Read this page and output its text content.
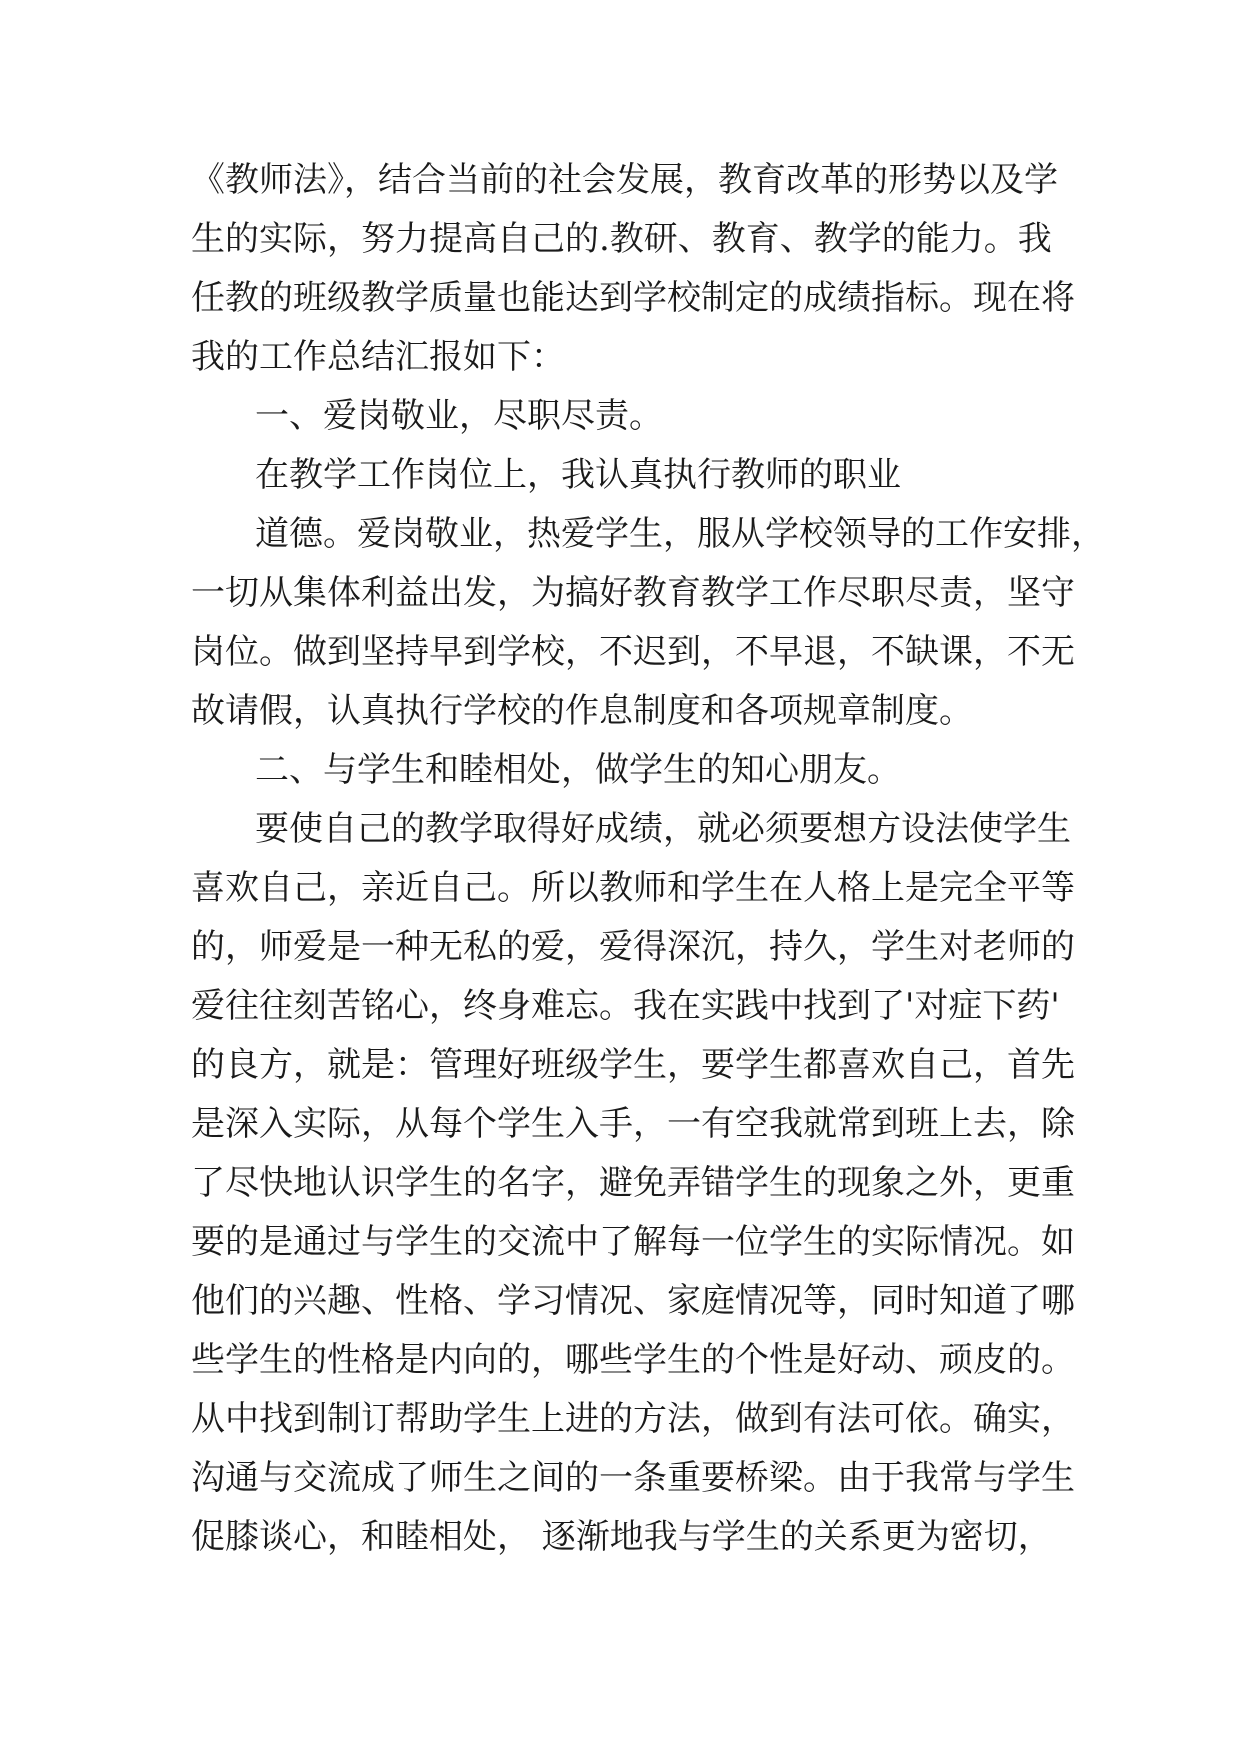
《教师法》，结合当前的社会发展，教育改革的形势以及学

生的实际，努力提高自己的.教研、教育、教学的能力。我

任教的班级教学质量也能达到学校制定的成绩指标。现在将

我的工作总结汇报如下：

一、爱岗敬业，尽职尽责。

在教学工作岗位上，我认真执行教师的职业

道德。爱岗敬业，热爱学生，服从学校领导的工作安排，

一切从集体利益出发，为搞好教育教学工作尽职尽责，坚守

岗位。做到坚持早到学校，不迟到，不早退，不缺课，不无

故请假，认真执行学校的作息制度和各项规章制度。

二、与学生和睦相处，做学生的知心朋友。

要使自己的教学取得好成绩，就必须要想方设法使学生

喜欢自己，亲近自己。所以教师和学生在人格上是完全平等

的，师爱是一种无私的爱，爱得深沉，持久，学生对老师的

爱往往刻苦铭心，终身难忘。我在实践中找到了'对症下药'

的良方，就是：管理好班级学生，要学生都喜欢自己，首先

是深入实际，从每个学生入手，一有空我就常到班上去，除

了尽快地认识学生的名字，避免弄错学生的现象之外，更重

要的是通过与学生的交流中了解每一位学生的实际情况。如

他们的兴趣、性格、学习情况、家庭情况等，同时知道了哪

些学生的性格是内向的，哪些学生的个性是好动、顽皮的。

从中找到制订帮助学生上进的方法，做到有法可依。确实，

沟通与交流成了师生之间的一条重要桥梁。由于我常与学生

促膝谈心，和睦相处， 逐渐地我与学生的关系更为密切，
